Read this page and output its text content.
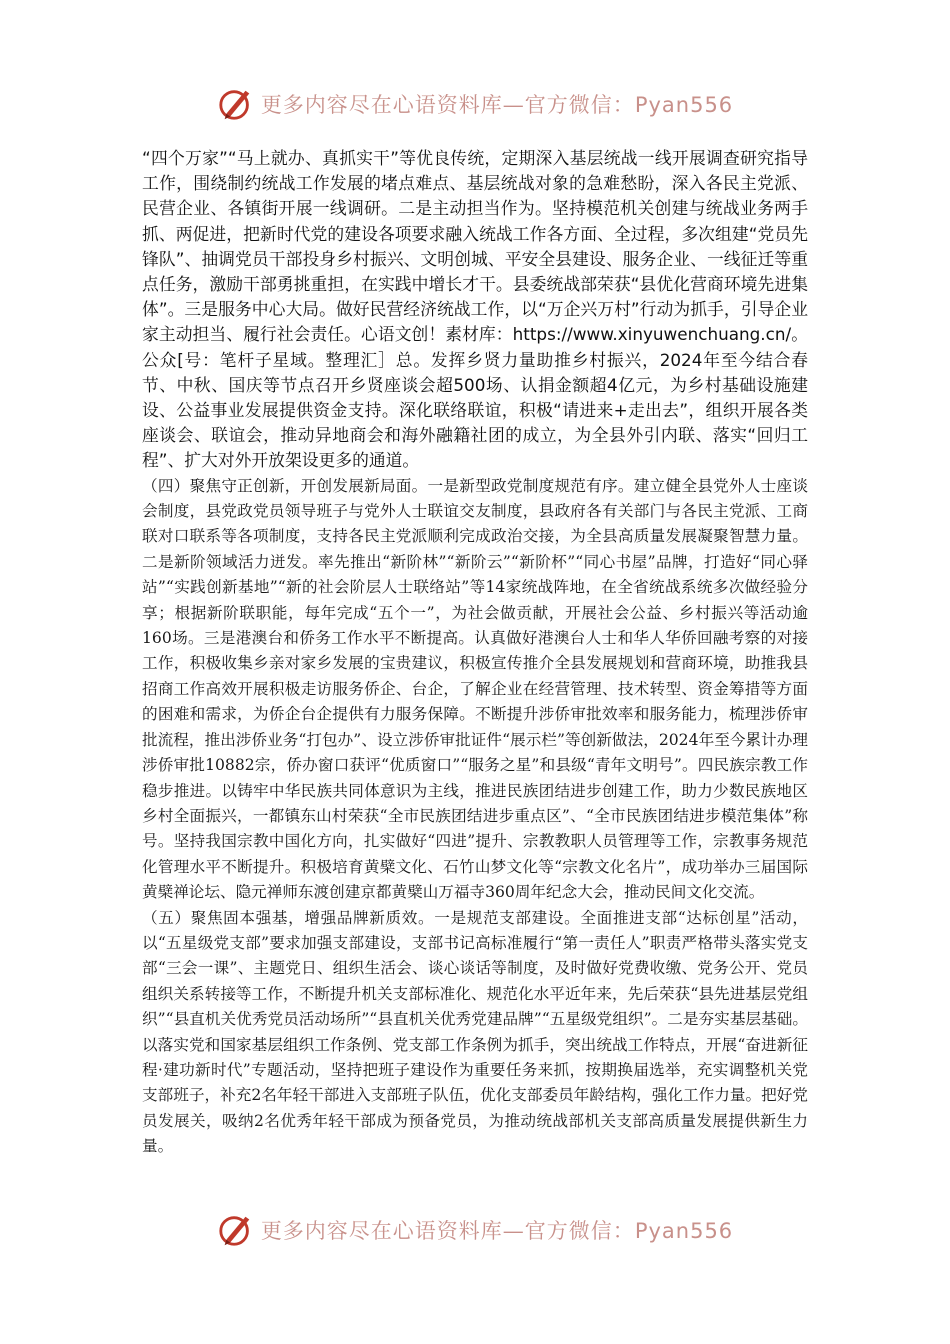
更多内容尽在心语资料库—官方微信：Pyan556

“四个万家”“马上就办、真抓实干”等优良传统，定期深入基层统战一线开展调查研究指导工作，围绕制约统战工作发展的堵点难点、基层统战对象的急难愁盼，深入各民主党派、民营企业、各镇街开展一线调研。二是主动担当作为。坚持模范机关创建与统战业务两手抓、两促进，把新时代党的建设各项要求融入统战工作各方面、全过程，多次组建“党员先锋队”、抽调党员干部投身乡村振兴、文明创城、平安全县建设、服务企业、一线征迁等重点任务，激励干部勇挑重担，在实践中增长才干。县委统战部荣获“县优化营商环境先进集体”。三是服务中心大局。做好民营经济统战工作，以“万企兴万村”行动为抓手，引导企业家主动担当、履行社会责任。心语文创！素材库：https://www.xinyuwenchuang.cn/。公众[号：笔杆子星域。整理汇］总。发挥乡贤力量助推乡村振兴，2024年至今结合春节、中秋、国庆等节点召开乡贤座谈会超500场、认捐金额超4亿元，为乡村基础设施建设、公益事业发展提供资金支持。深化联络联谊，积极“请进来+走出去”，组织开展各类座谈会、联谊会，推动异地商会和海外融籍社团的成立，为全县外引内联、落实“回归工程”、扩大对外开放架设更多的通道。

（四）聚焦守正创新，开创发展新局面。一是新型政党制度规范有序。建立健全县党外人士座谈会制度，县党政党员领导班子与党外人士联谊交友制度，县政府各有关部门与各民主党派、工商联对口联系等各项制度，支持各民主党派顺利完成政治交接，为全县高质量发展凝聚智慧力量。二是新阶领域活力迸发。率先推出“新阶林”“新阶云”“新阶杯”“同心书屋”品牌，打造好“同心驿站”“实践创新基地”“新的社会阶层人士联络站”等14家统战阵地，在全省统战系统多次做经验分享；根据新阶联职能，每年完成“五个一”，为社会做贡献，开展社会公益、乡村振兴等活动逾160场。三是港澳台和侨务工作水平不断提高。认真做好港澳台人士和华人华侨回融考察的对接工作，积极收集乡亲对家乡发展的宝贵建议，积极宣传推介全县发展规划和营商环境，助推我县招商工作高效开展积极走访服务侨企、台企，了解企业在经营管理、技术转型、资金筹措等方面的困难和需求，为侨企台企提供有力服务保障。不断提升涉侨审批效率和服务能力，梳理涉侨审批流程，推出涉侨业务“打包办”、设立涉侨审批证件“展示栏”等创新做法，2024年至今累计办理涉侨审批10882宗，侨办窗口获评“优质窗口”“服务之星”和县级“青年文明号”。四民族宗教工作稳步推进。以铸牢中华民族共同体意识为主线，推进民族团结进步创建工作，助力少数民族地区乡村全面振兴，一都镇东山村荣获“全市民族团结进步重点区”、“全市民族团结进步模范集体”称号。坚持我国宗教中国化方向，扎实做好“四进”提升、宗教教职人员管理等工作，宗教事务规范化管理水平不断提升。积极培育黄檗文化、石竹山梦文化等“宗教文化名片”，成功举办三届国际黄檗禅论坛、隐元禅师东渡创建京都黄檗山万福寺360周年纪念大会，推动民间文化交流。

（五）聚焦固本强基，增强品牌新质效。一是规范支部建设。全面推进支部“达标创星”活动，以“五星级党支部”要求加强支部建设，支部书记高标准履行“第一责任人”职责严格带头落实党支部“三会一课”、主题党日、组织生活会、谈心谈话等制度，及时做好党费收缴、党务公开、党员组织关系转接等工作，不断提升机关支部标准化、规范化水平近年来，先后荣获“县先进基层党组织”“县直机关优秀党员活动场所”“县直机关优秀党建品牌”“五星级党组织”。二是夯实基层基础。 以落实党和国家基层组织工作条例、党支部工作条例为抓手，突出统战工作特点，开展“奋进新征程·建功新时代”专题活动，坚持把班子建设作为重要任务来抓，按期换届选举，充实调整机关党支部班子，补充2名年轻干部进入支部班子队伍，优化支部委员年龄结构，强化工作力量。把好党员发展关，吸纳2名优秀年轻干部成为预备党员，为推动统战部机关支部高质量发展提供新生力量。

更多内容尽在心语资料库—官方微信：Pyan556
